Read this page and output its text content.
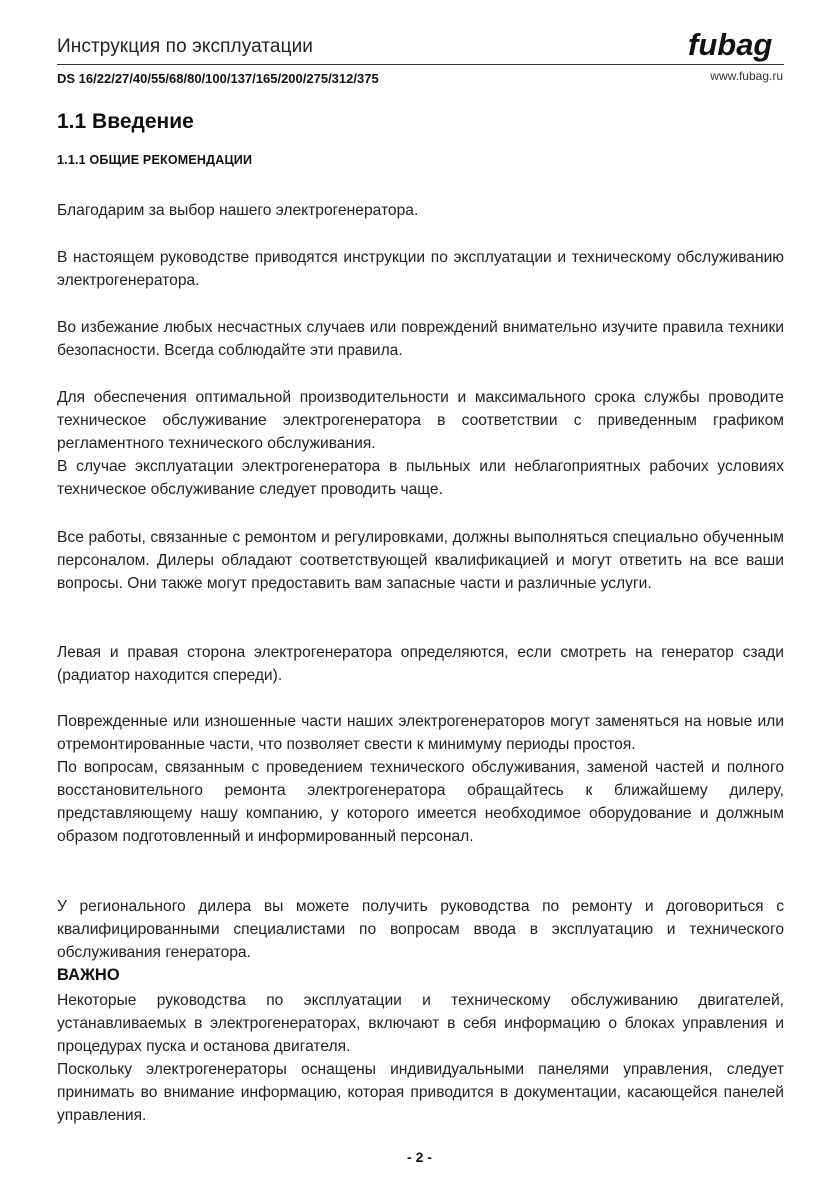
Инструкция по эксплуатации	fubag
DS 16/22/27/40/55/68/80/100/137/165/200/275/312/375	www.fubag.ru
1.1 Введение
1.1.1 ОБЩИЕ РЕКОМЕНДАЦИИ
Благодарим за выбор нашего электрогенератора.
В настоящем руководстве приводятся инструкции по эксплуатации и техническому обслуживанию электрогенератора.
Во избежание любых несчастных случаев или повреждений внимательно изучите правила техники безопасности. Всегда соблюдайте эти правила.

Для обеспечения оптимальной производительности и максимального срока службы проводите техническое обслуживание электрогенератора в соответствии с приведенным графиком регламентного технического обслуживания.

В случае эксплуатации электрогенератора в пыльных или неблагоприятных рабочих условиях техническое обслуживание следует проводить чаще.

Все работы, связанные с ремонтом и регулировками, должны выполняться специально обученным персоналом. Дилеры обладают соответствующей квалификацией и могут ответить на все ваши вопросы. Они также могут предоставить вам запасные части и различные услуги.
Левая и правая сторона электрогенератора определяются, если смотреть на генератор сзади (радиатор находится спереди).

Поврежденные или изношенные части наших электрогенераторов могут заменяться на новые или отремонтированные части, что позволяет свести к минимуму периоды простоя.

По вопросам, связанным с проведением технического обслуживания, заменой частей и полного восстановительного ремонта электрогенератора обращайтесь к ближайшему дилеру, представляющему нашу компанию, у которого имеется необходимое оборудование и должным образом подготовленный и информированный персонал.

У регионального дилера вы можете получить руководства по ремонту и договориться с квалифицированными специалистами по вопросам ввода в эксплуатацию и технического обслуживания генератора.
ВАЖНО

Некоторые руководства по эксплуатации и техническому обслуживанию двигателей, устанавливаемых в электрогенераторах, включают в себя информацию о блоках управления и процедурах пуска и останова двигателя.

Поскольку электрогенераторы оснащены индивидуальными панелями управления, следует принимать во внимание информацию, которая приводится в документации, касающейся панелей управления.

- 2 -
